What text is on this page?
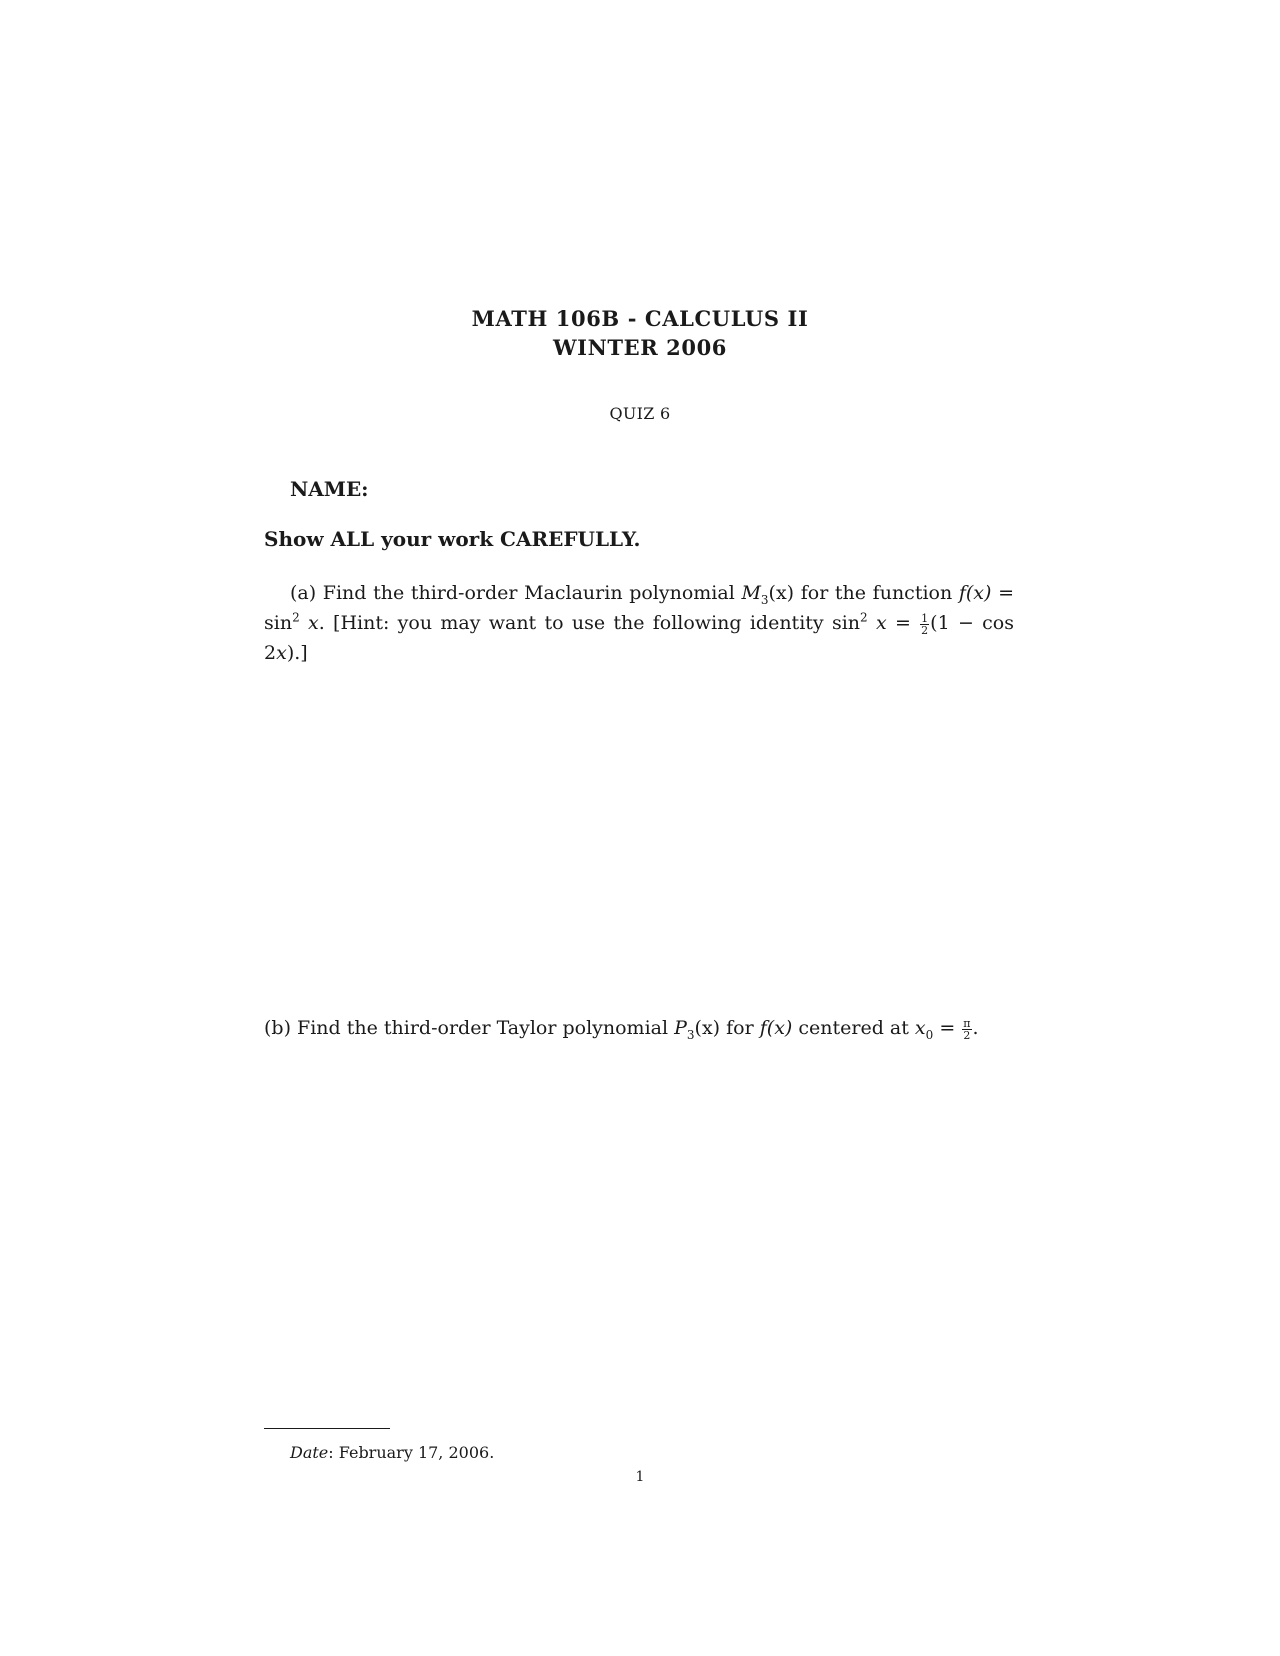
MATH 106B - CALCULUS II
WINTER 2006
QUIZ 6
NAME:
Show ALL your work CAREFULLY.
(a) Find the third-order Maclaurin polynomial $M_3(x)$ for the function $f(x) = \sin^2 x$. [Hint: you may want to use the following identity $\sin^2 x = \frac{1}{2} (1 - \cos 2x)$.]
(b) Find the third-order Taylor polynomial $P_3(x)$ for f(x) centered at $x_0 = \frac{\pi}{2}$ .
Date: February 17, 2006.
1
